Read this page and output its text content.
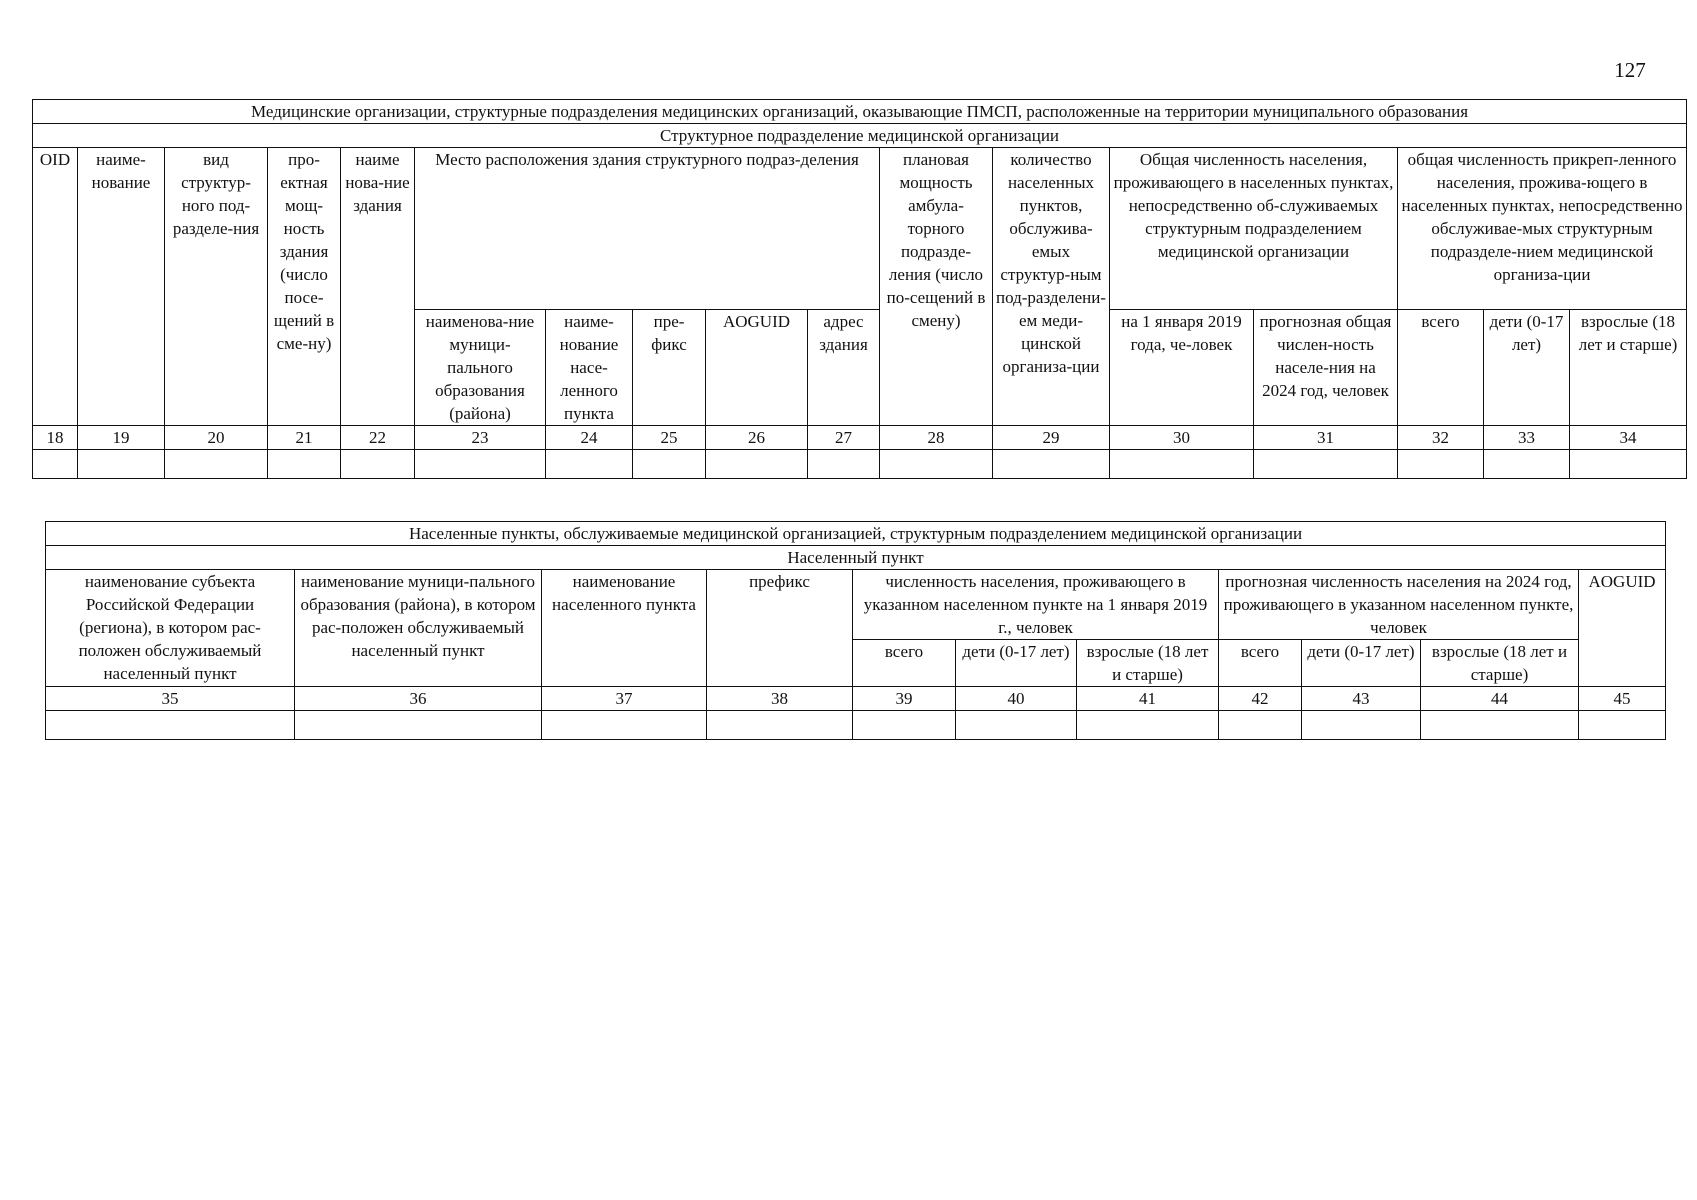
127
Медицинские организации, структурные подразделения медицинских организаций, оказывающие ПМСП, расположенные на территории муниципального образования																
Структурное подразделение медицинской организации																
OID	наиме-нование	вид структур-ного под-разделе-ния	про-ектная мощ-ность здания (число посе-щений в сме-ну)	наиме нова-ние здания	Место расположения здания структурного подраз-деления					плановая мощность амбула-торного подразде-ления (число по-сещений в смену)	количество населенных пунктов, обслужива-емых структур-ным под-разделени-ем меди-цинской организа-ции	Общая численность населения, проживающего в населенных пунктах, непосредственно об-служиваемых структурным подразделением медицинской организации		общая численность прикреп-ленного населения, прожива-ющего в населенных пунктах, непосредственно обслуживае-мых структурным подразделе-нием медицинской организа-ции		
					наименова-ние муници-пального образования (района)	наиме-нование насе-ленного пункта	пре-фикс	AOGUID	адрес здания			на 1 января 2019 года, че-ловек	прогнозная общая числен-ность населе-ния на 2024 год, человек	всего	дети (0-17 лет)	взрослые (18 лет и старше)
18	19	20	21	22	23	24	25	26	27	28	29	30	31	32	33	34

Населенные пункты, обслуживаемые медицинской организацией, структурным подразделением медицинской организации										
Населенный пункт										
наименование субъекта Российской Федерации (региона), в котором рас-положен обслуживаемый населенный пункт	наименование муници-пального образования (района), в котором рас-положен обслуживаемый населенный пункт	наименование населенного пункта	префикс	численность населения, проживающего в указанном населенном пункте на 1 января 2019 г., человек			прогнозная численность населения на 2024 год, проживающего в указанном населенном пункте, человек			AOGUID
				всего	дети (0-17 лет)	взрослые (18 лет и старше)	всего	дети (0-17 лет)	взрослые (18 лет и старше)	
35	36	37	38	39	40	41	42	43	44	45
